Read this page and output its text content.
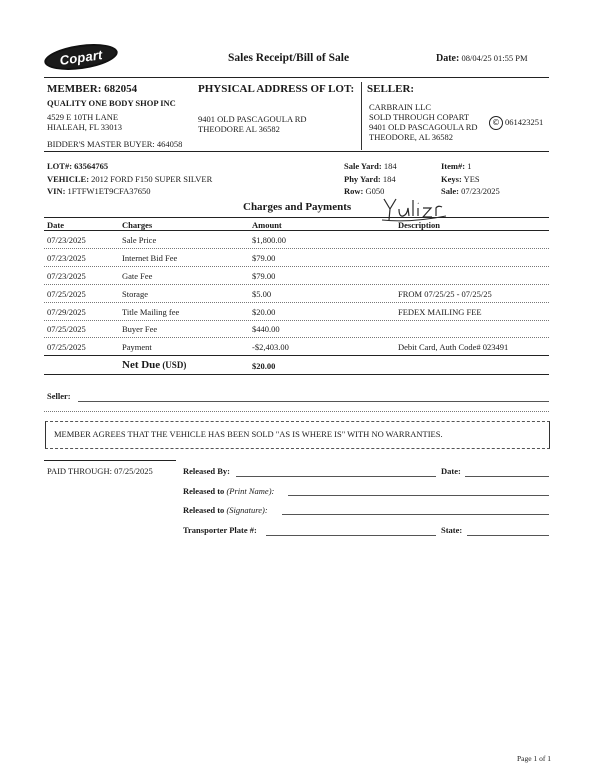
Copart	Sales Receipt/Bill of Sale	Date: 08/04/25 01:55 PM
MEMBER: 682054
QUALITY ONE BODY SHOP INC
4529 E 10TH LANE
HIALEAH, FL 33013
BIDDER'S MASTER BUYER: 464058
PHYSICAL ADDRESS OF LOT:
9401 OLD PASCAGOULA RD
THEODORE AL 36582
SELLER:
CARBRAIN LLC
SOLD THROUGH COPART
9401 OLD PASCAGOULA RD
THEODORE, AL 36582
© 061423251
LOT#: 63564765
VEHICLE: 2012 FORD F150 SUPER SILVER
VIN: 1FTFW1ET9CFA37650
Sale Yard: 184
Phy Yard: 184
Row: G050
Item#: 1
Keys: YES
Sale: 07/23/2025
Charges and Payments
Date	Charges	Amount	Description
07/23/2025	Sale Price	$1,800.00
07/23/2025	Internet Bid Fee	$79.00
07/23/2025	Gate Fee	$79.00
07/25/2025	Storage	$5.00	FROM 07/25/25 - 07/25/25
07/29/2025	Title Mailing fee	$20.00	FEDEX MAILING FEE
07/25/2025	Buyer Fee	$440.00
07/25/2025	Payment	-$2,403.00	Debit Card, Auth Code# 023491
Net Due (USD)	$20.00
Seller:
MEMBER AGREES THAT THE VEHICLE HAS BEEN SOLD "AS IS WHERE IS" WITH NO WARRANTIES.
PAID THROUGH: 07/25/2025	Released By:	Date:
Released to (Print Name):
Released to (Signature):
Transporter Plate #:	State:
Page 1 of 1
